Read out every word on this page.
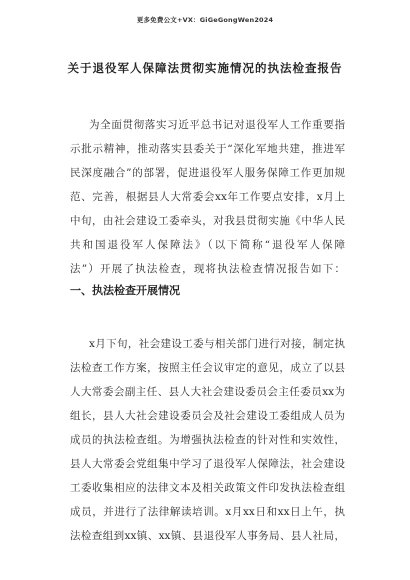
更多免费公文+VX：GiGeGongWen2024
关于退役军人保障法贯彻实施情况的执法检查报告
为全面贯彻落实习近平总书记对退役军人工作重要指
示批示精神，推动落实县委关于“深化军地共建，推进军
民深度融合”的部署，促进退役军人服务保障工作更加规
范、完善，根据县人大常委会xx年工作要点安排，x月上
中旬，由社会建设工委牵头，对我县贯彻实施《中华人民
共和国退役军人保障法》（以下简称“退役军人保障
法”）开展了执法检查，现将执法检查情况报告如下：
一、执法检查开展情况
x月下旬，社会建设工委与相关部门进行对接，制定执
法检查工作方案，按照主任会议审定的意见，成立了以县
人大常委会副主任、县人大社会建设委员会主任委员xx为
组长，县人大社会建设委员会及社会建设工委组成人员为
成员的执法检查组。为增强执法检查的针对性和实效性，
县人大常委会党组集中学习了退役军人保障法，社会建设
工委收集相应的法律文本及相关政策文件印发执法检查组
成员，并进行了法律解读培训。x月xx日和xx日上午，执
法检查组到xx镇、xx镇、县退役军人事务局、县人社局，
